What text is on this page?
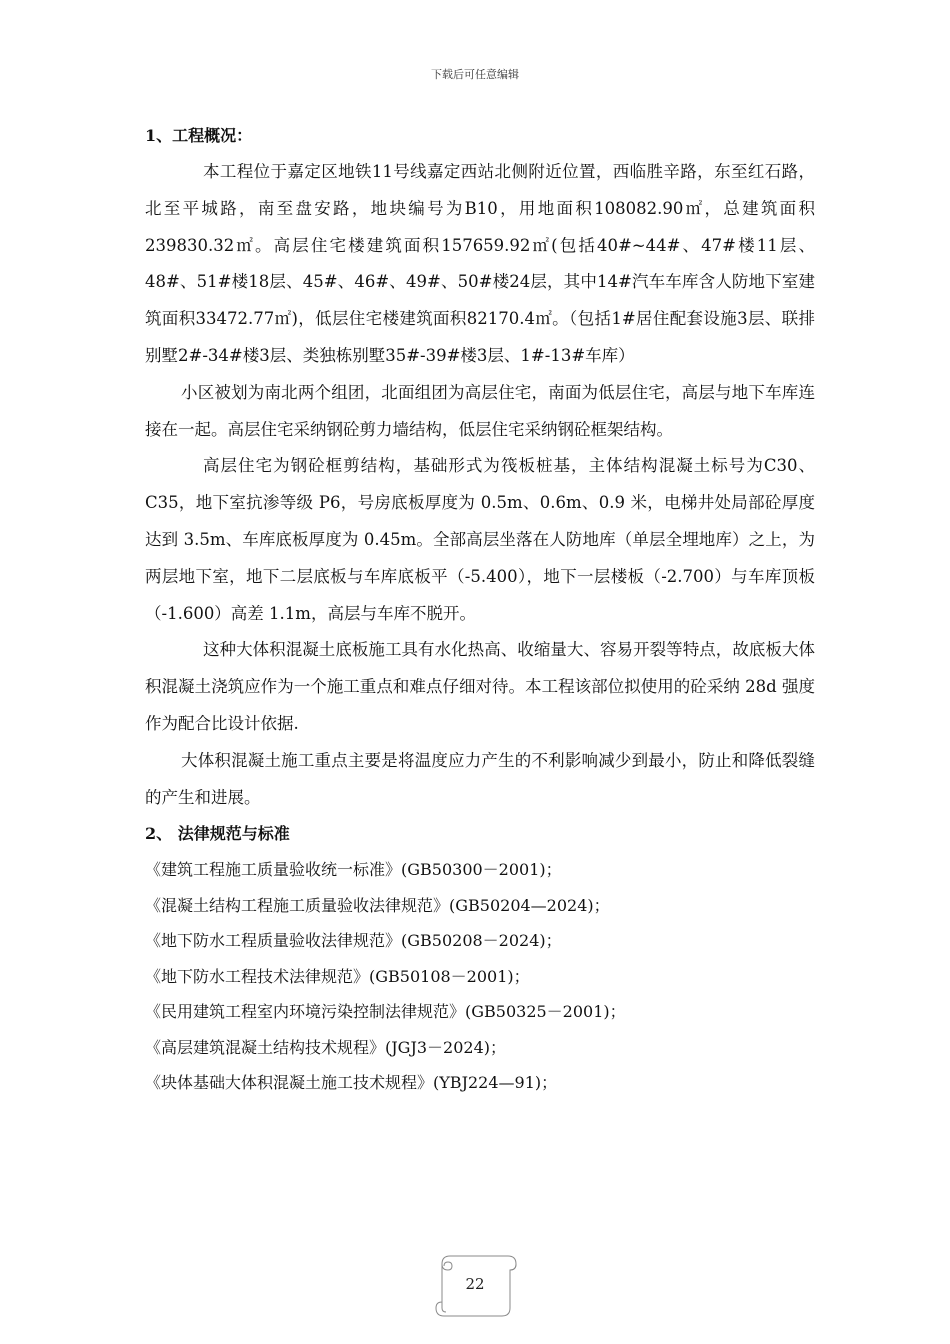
下载后可任意编辑

1、工程概况：

本工程位于嘉定区地铁11号线嘉定西站北侧附近位置，西临胜辛路，东至红石路，北至平城路，南至盘安路，地块编号为B10，用地面积108082.90㎡，总建筑面积239830.32㎡。高层住宅楼建筑面积157659.92㎡(包括40#~44#、47#楼11层、48#、51#楼18层、45#、46#、49#、50#楼24层，其中14#汽车车库含人防地下室建筑面积33472.77㎡)，低层住宅楼建筑面积82170.4㎡。（包括1#居住配套设施3层、联排别墅2#-34#楼3层、类独栋别墅35#-39#楼3层、1#-13#车库）

小区被划为南北两个组团，北面组团为高层住宅，南面为低层住宅，高层与地下车库连接在一起。高层住宅采纳钢砼剪力墙结构，低层住宅采纳钢砼框架结构。

高层住宅为钢砼框剪结构，基础形式为筏板桩基，主体结构混凝土标号为C30、C35，地下室抗渗等级 P6，号房底板厚度为 0.5m、0.6m、0.9 米，电梯井处局部砼厚度达到 3.5m、车库底板厚度为 0.45m。全部高层坐落在人防地库（单层全埋地库）之上，为两层地下室，地下二层底板与车库底板平（-5.400），地下一层楼板（-2.700）与车库顶板（-1.600）高差 1.1m，高层与车库不脱开。

这种大体积混凝土底板施工具有水化热高、收缩量大、容易开裂等特点，故底板大体积混凝土浇筑应作为一个施工重点和难点仔细对待。本工程该部位拟使用的砼采纳 28d 强度作为配合比设计依据.

大体积混凝土施工重点主要是将温度应力产生的不利影响减少到最小，防止和降低裂缝的产生和进展。

2、 法律规范与标准

《建筑工程施工质量验收统一标准》(GB50300－2001)；
《混凝土结构工程施工质量验收法律规范》(GB50204—2024)；
《地下防水工程质量验收法律规范》(GB50208－2024)；
《地下防水工程技术法律规范》(GB50108－2001)；
《民用建筑工程室内环境污染控制法律规范》(GB50325－2001)；
《高层建筑混凝土结构技术规程》(JGJ3－2024)；
《块体基础大体积混凝土施工技术规程》(YBJ224—91)；
22
